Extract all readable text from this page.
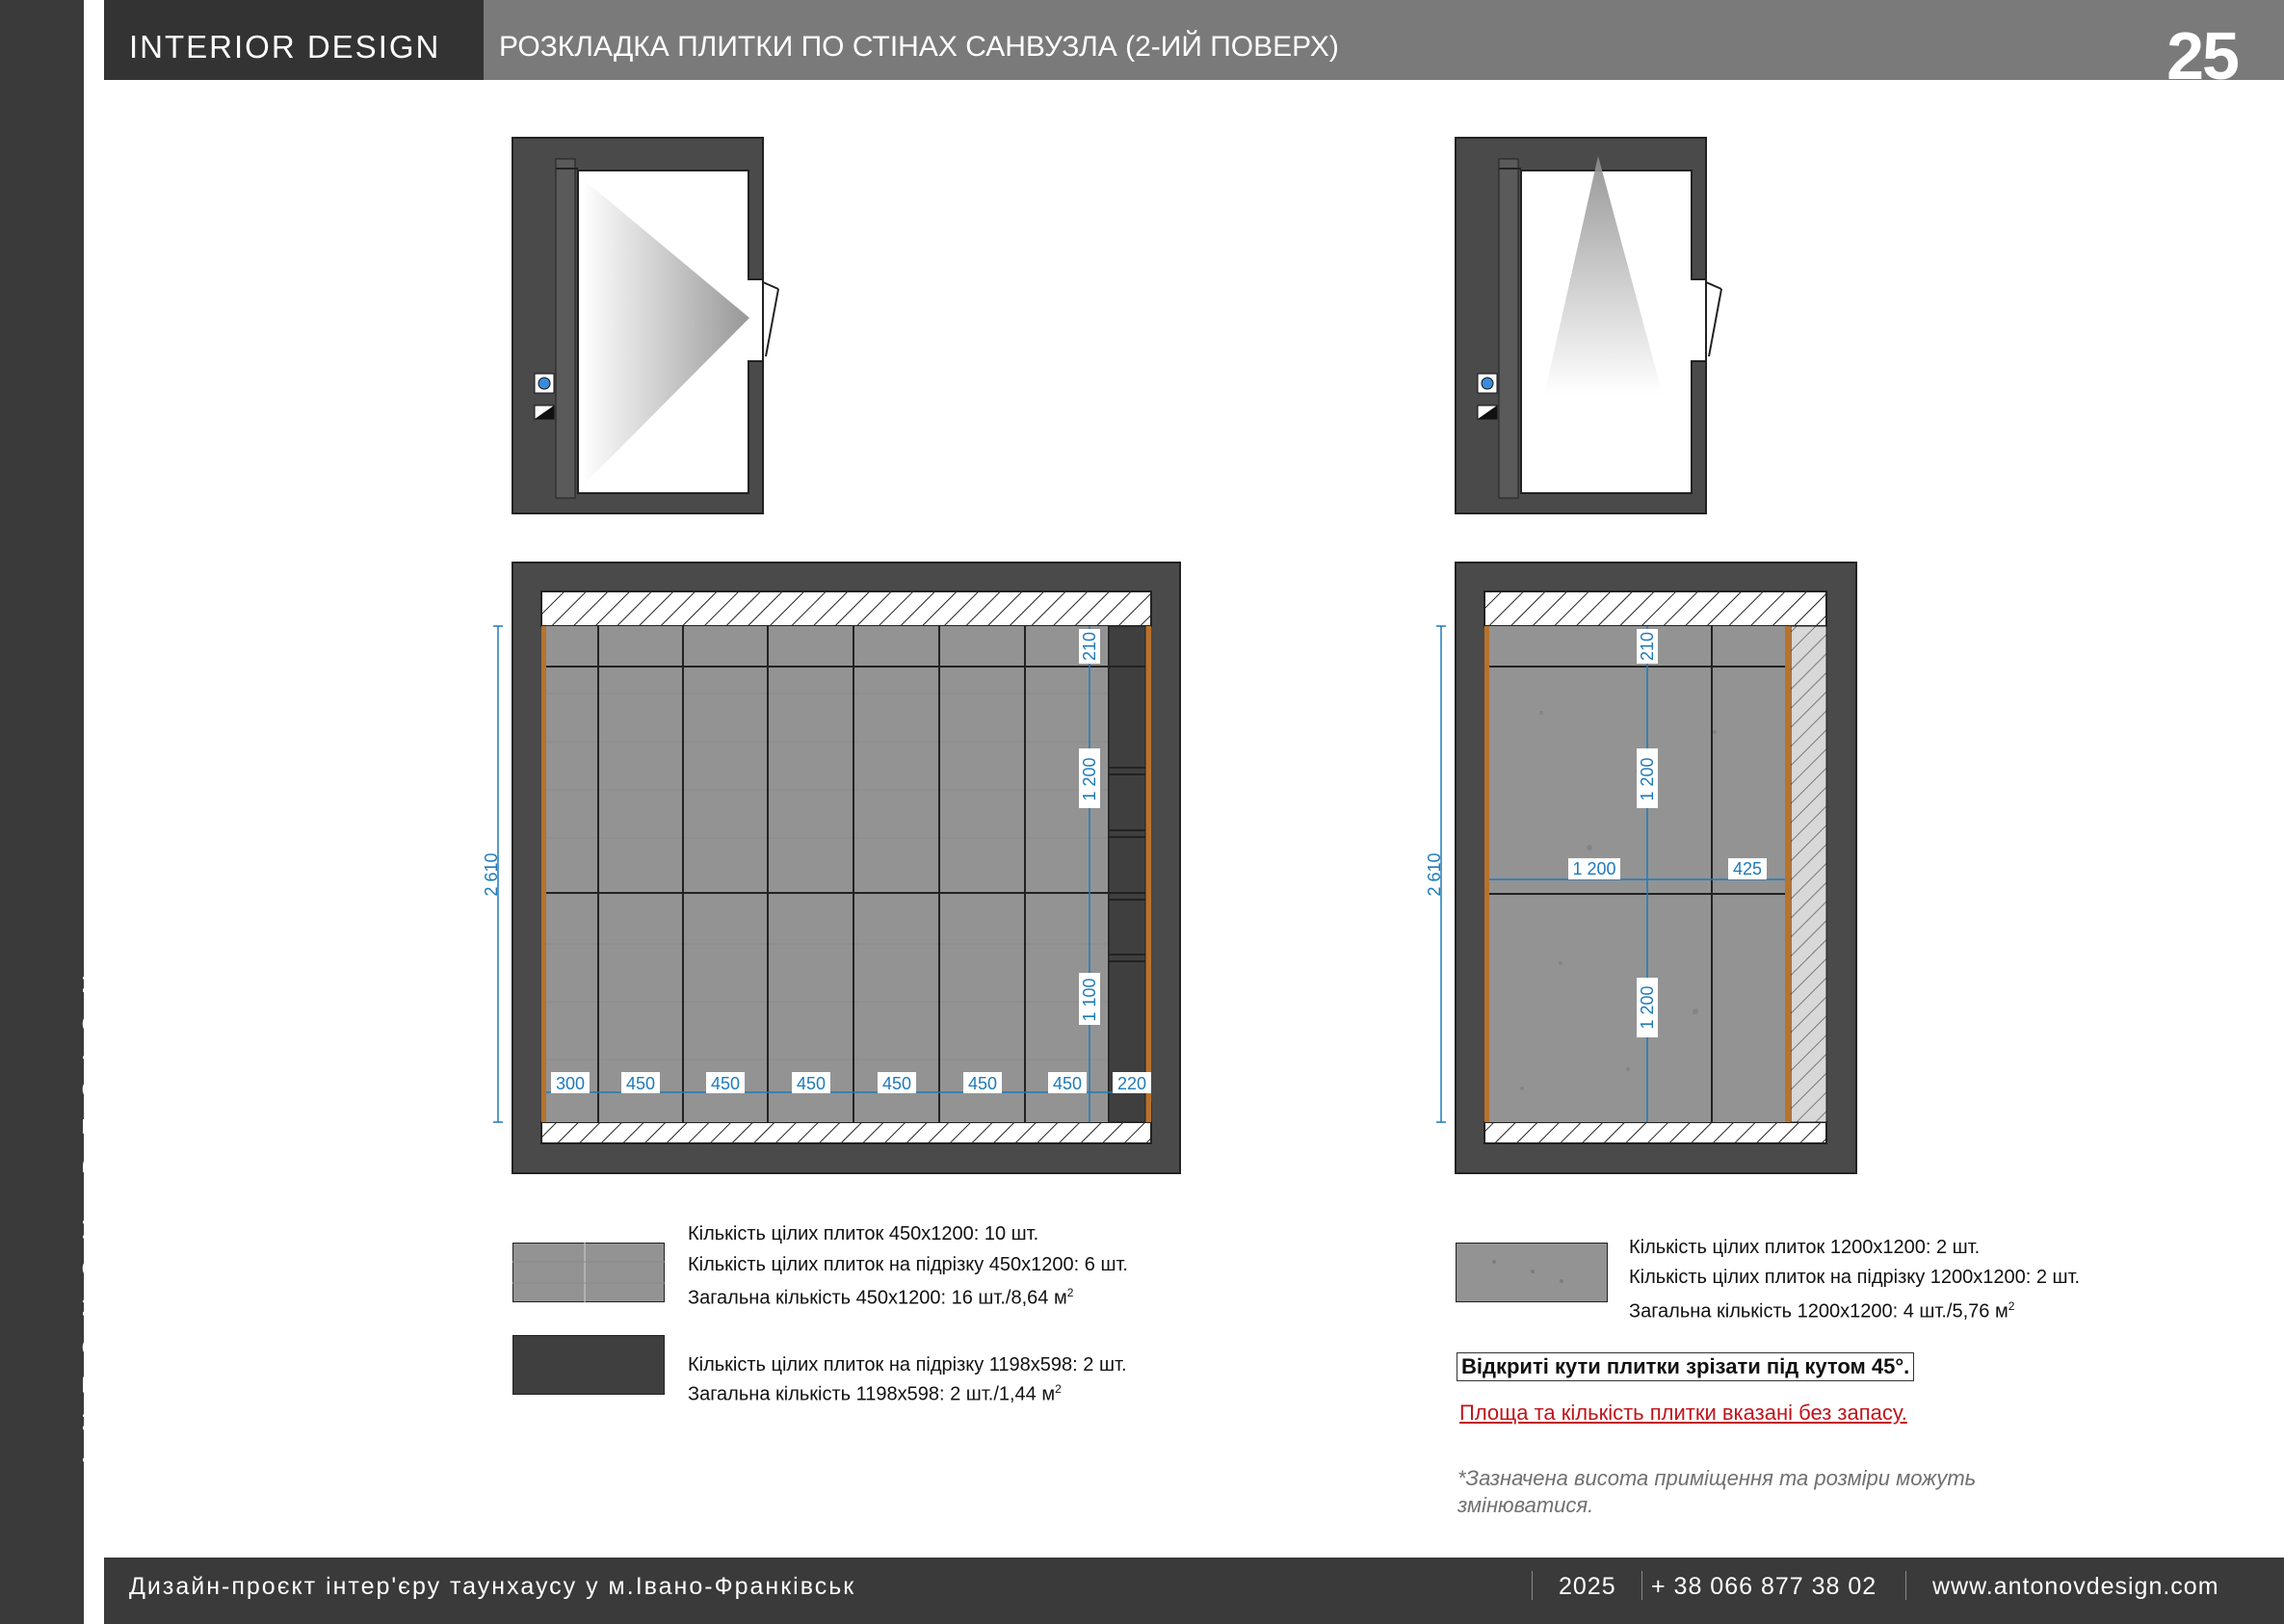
ANTONOV DESIGN
INTERIOR DESIGN	РОЗКЛАДКА ПЛИТКИ ПО СТІНАХ САНВУЗЛА (2-ИЙ ПОВЕРХ)	25
2 610
210
1 200
1 100
300 450	450	450	450	450	450 220
2 610
210
1 200
1 200
1 200	425
Кількість цілих плиток 450х1200: 10 шт.
Кількість цілих плиток на підрізку 450х1200: 6 шт.
Загальна кількість 450х1200: 16 шт./8,64 $м^2$
Кількість цілих плиток на підрізку 1198х598: 2 шт.
Загальна кількість 1198х598: 2 шт./1,44 $м^2$
Кількість цілих плиток 1200х1200: 2 шт.
Кількість цілих плиток на підрізку 1200х1200: 2 шт.
Загальна кількість 1200х1200: 4 шт./5,76 $м^2$
Відкриті кути плитки зрізати під кутом 45°.
Площа та кількість плитки вказані без запасу.
*Зазначена висота приміщення та розміри можуть змінюватися.
Дизайн-проєкт інтер'єру таунхаусу у м.Івано-Франківськ	2025 + 38 066 877 38 02 www.antonovdesign.com
